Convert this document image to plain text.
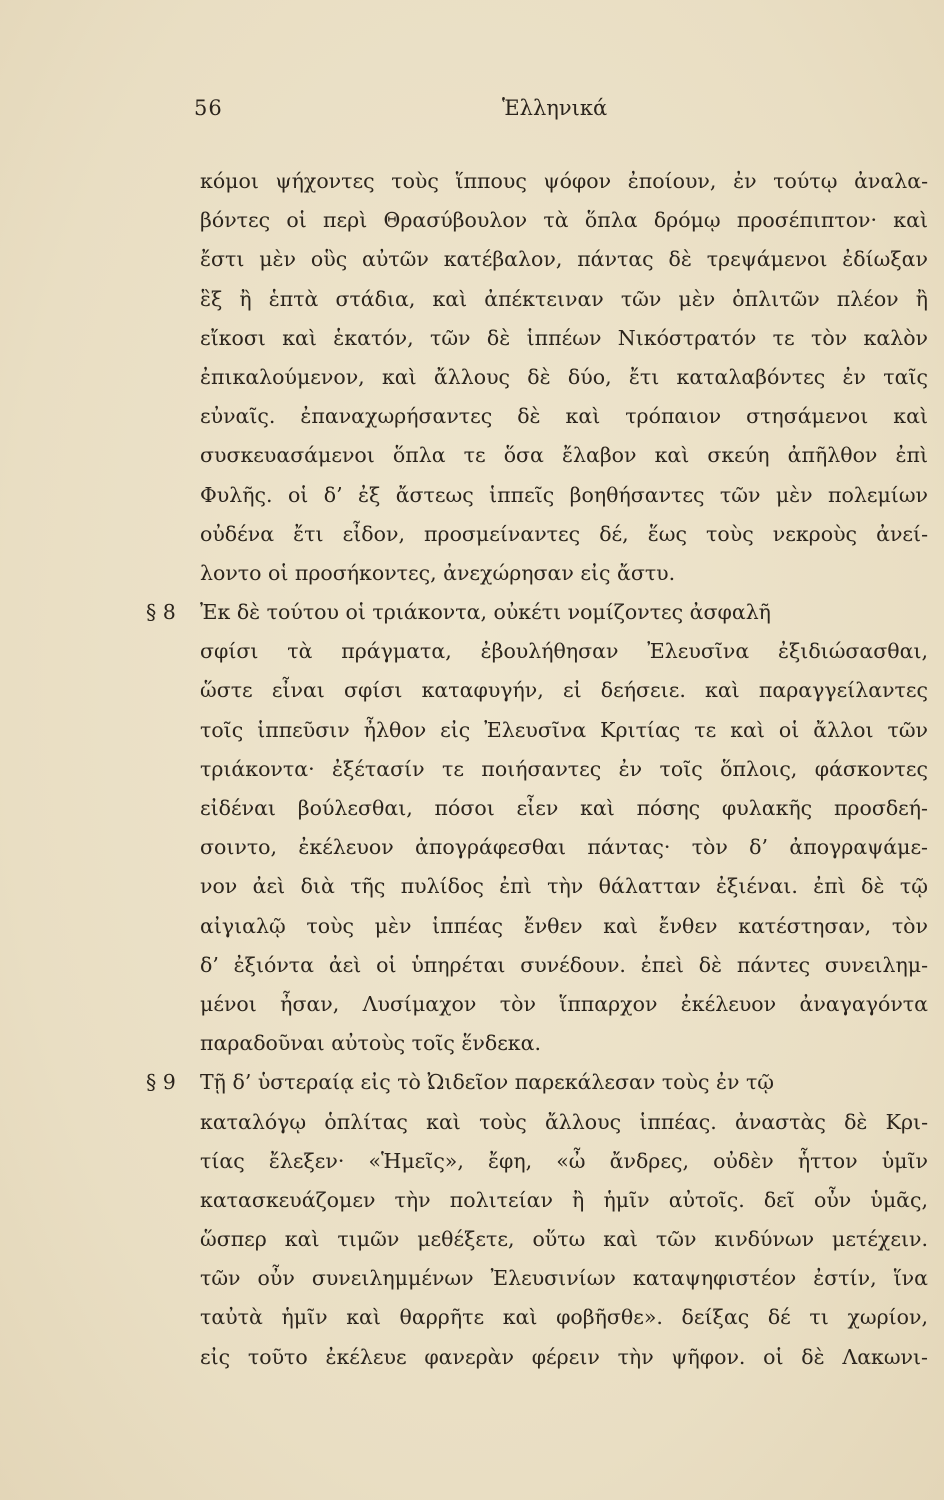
56	Ἑλληνικά
κόμοι ψήχοντες τοὺς ἵππους ψόφον ἐποίουν, ἐν τούτῳ ἀναλα-
βόντες οἱ περὶ Θρασύβουλον τὰ ὅπλα δρόμῳ προσέπιπτον· καὶ
ἔστι μὲν οὓς αὐτῶν κατέβαλον, πάντας δὲ τρεψάμενοι ἐδίωξαν
ἓξ ἢ ἑπτὰ στάδια, καὶ ἀπέκτειναν τῶν μὲν ὁπλιτῶν πλέον ἢ
εἴκοσι καὶ ἑκατόν, τῶν δὲ ἱππέων Νικόστρατόν τε τὸν καλὸν
ἐπικαλούμενον, καὶ ἄλλους δὲ δύο, ἔτι καταλαβόντες ἐν ταῖς
εὐναῖς. ἐπαναχωρήσαντες δὲ καὶ τρόπαιον στησάμενοι καὶ
συσκευασάμενοι ὅπλα τε ὅσα ἔλαβον καὶ σκεύη ἀπῆλθον ἐπὶ
Φυλῆς. οἱ δ’ ἐξ ἄστεως ἱππεῖς βοηθήσαντες τῶν μὲν πολεμίων
οὐδένα ἔτι εἶδον, προσμείναντες δέ, ἕως τοὺς νεκροὺς ἀνεί-
λοντο οἱ προσήκοντες, ἀνεχώρησαν εἰς ἄστυ.
§ 8 Ἐκ δὲ τούτου οἱ τριάκοντα, οὐκέτι νομίζοντες ἀσφαλῆ
σφίσι τὰ πράγματα, ἐβουλήθησαν Ἐλευσῖνα ἐξιδιώσασθαι,
ὥστε εἶναι σφίσι καταφυγήν, εἰ δεήσειε. καὶ παραγγείλαντες
τοῖς ἱππεῦσιν ἦλθον εἰς Ἐλευσῖνα Κριτίας τε καὶ οἱ ἄλλοι τῶν
τριάκοντα· ἐξέτασίν τε ποιήσαντες ἐν τοῖς ὅπλοις, φάσκοντες
εἰδέναι βούλεσθαι, πόσοι εἶεν καὶ πόσης φυλακῆς προσδεή-
σοιντο, ἐκέλευον ἀπογράφεσθαι πάντας· τὸν δ’ ἀπογραψάμε-
νον ἀεὶ διὰ τῆς πυλίδος ἐπὶ τὴν θάλατταν ἐξιέναι. ἐπὶ δὲ τῷ
αἰγιαλῷ τοὺς μὲν ἱππέας ἔνθεν καὶ ἔνθεν κατέστησαν, τὸν
δ’ ἐξιόντα ἀεὶ οἱ ὑπηρέται συνέδουν. ἐπεὶ δὲ πάντες συνειλημ-
μένοι ἦσαν, Λυσίμαχον τὸν ἵππαρχον ἐκέλευον ἀναγαγόντα
παραδοῦναι αὐτοὺς τοῖς ἕνδεκα.
§ 9 Τῇ δ’ ὑστεραίᾳ εἰς τὸ Ὠιδεῖον παρεκάλεσαν τοὺς ἐν τῷ
καταλόγῳ ὁπλίτας καὶ τοὺς ἄλλους ἱππέας. ἀναστὰς δὲ Κρι-
τίας ἔλεξεν· «Ἡμεῖς», ἔφη, «ὦ ἄνδρες, οὐδὲν ἧττον ὑμῖν
κατασκευάζομεν τὴν πολιτείαν ἢ ἡμῖν αὐτοῖς. δεῖ οὖν ὑμᾶς,
ὥσπερ καὶ τιμῶν μεθέξετε, οὕτω καὶ τῶν κινδύνων μετέχειν.
τῶν οὖν συνειλημμένων Ἐλευσινίων καταψηφιστέον ἐστίν, ἵνα
ταὐτὰ ἡμῖν καὶ θαρρῆτε καὶ φοβῆσθε». δείξας δέ τι χωρίον,
εἰς τοῦτο ἐκέλευε φανερὰν φέρειν τὴν ψῆφον. οἱ δὲ Λακωνι-
